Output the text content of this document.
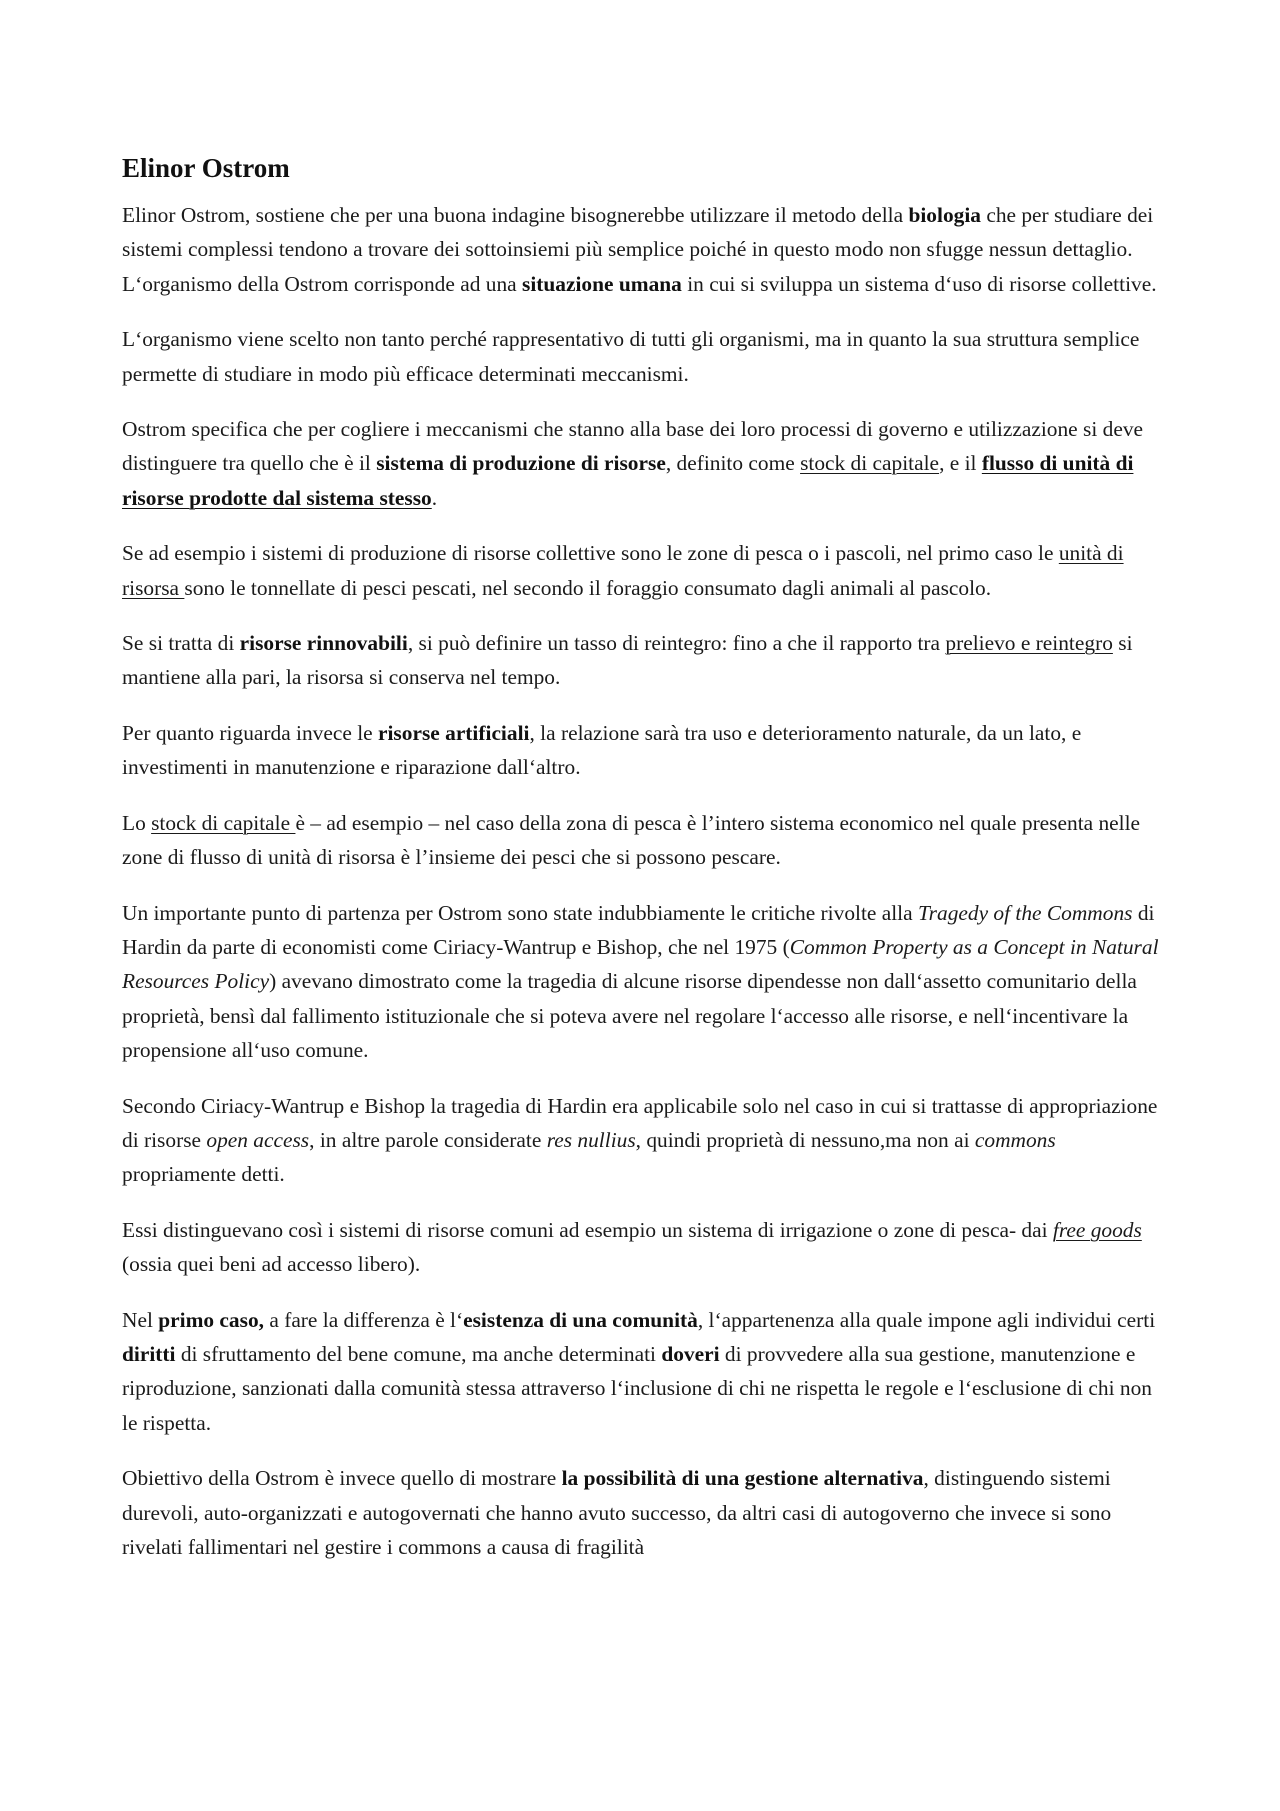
Elinor Ostrom

Elinor Ostrom, sostiene che per una buona indagine bisognerebbe utilizzare il metodo della biologia che per studiare dei sistemi complessi tendono a trovare dei sottoinsiemi più semplice poiché in questo modo non sfugge nessun dettaglio. L‘organismo della Ostrom corrisponde ad una situazione umana in cui si sviluppa un sistema d‘uso di risorse collettive.

L‘organismo viene scelto non tanto perché rappresentativo di tutti gli organismi, ma in quanto la sua struttura semplice permette di studiare in modo più efficace determinati meccanismi.

Ostrom specifica che per cogliere i meccanismi che stanno alla base dei loro processi di governo e utilizzazione si deve distinguere tra quello che è il sistema di produzione di risorse, definito come stock di capitale, e il flusso di unità di risorse prodotte dal sistema stesso.

Se ad esempio i sistemi di produzione di risorse collettive sono le zone di pesca o i pascoli, nel primo caso le unità di risorsa sono le tonnellate di pesci pescati, nel secondo il foraggio consumato dagli animali al pascolo.

Se si tratta di risorse rinnovabili, si può definire un tasso di reintegro: fino a che il rapporto tra prelievo e reintegro si mantiene alla pari, la risorsa si conserva nel tempo.

Per quanto riguarda invece le risorse artificiali, la relazione sarà tra uso e deterioramento naturale, da un lato, e investimenti in manutenzione e riparazione dall‘altro.

Lo stock di capitale è – ad esempio – nel caso della zona di pesca è l’intero sistema economico nel quale presenta nelle zone di flusso di unità di risorsa è l’insieme dei pesci che si possono pescare.

Un importante punto di partenza per Ostrom sono state indubbiamente le critiche rivolte alla Tragedy of the Commons di Hardin da parte di economisti come Ciriacy-Wantrup e Bishop, che nel 1975 (Common Property as a Concept in Natural Resources Policy) avevano dimostrato come la tragedia di alcune risorse dipendesse non dall‘assetto comunitario della proprietà, bensì dal fallimento istituzionale che si poteva avere nel regolare l‘accesso alle risorse, e nell‘incentivare la propensione all‘uso comune.

Secondo Ciriacy-Wantrup e Bishop la tragedia di Hardin era applicabile solo nel caso in cui si trattasse di appropriazione di risorse open access, in altre parole considerate res nullius, quindi proprietà di nessuno,ma non ai commons propriamente detti.

Essi distinguevano così i sistemi di risorse comuni ad esempio un sistema di irrigazione o zone di pesca- dai free goods (ossia quei beni ad accesso libero).

Nel primo caso, a fare la differenza è l‘esistenza di una comunità, l‘appartenenza alla quale impone agli individui certi diritti di sfruttamento del bene comune, ma anche determinati doveri di provvedere alla sua gestione, manutenzione e riproduzione, sanzionati dalla comunità stessa attraverso l‘inclusione di chi ne rispetta le regole e l‘esclusione di chi non le rispetta.

Obiettivo della Ostrom è invece quello di mostrare la possibilità di una gestione alternativa, distinguendo sistemi durevoli, auto-organizzati e autogovernati che hanno avuto successo, da altri casi di autogoverno che invece si sono rivelati fallimentari nel gestire i commons a causa di fragilità
